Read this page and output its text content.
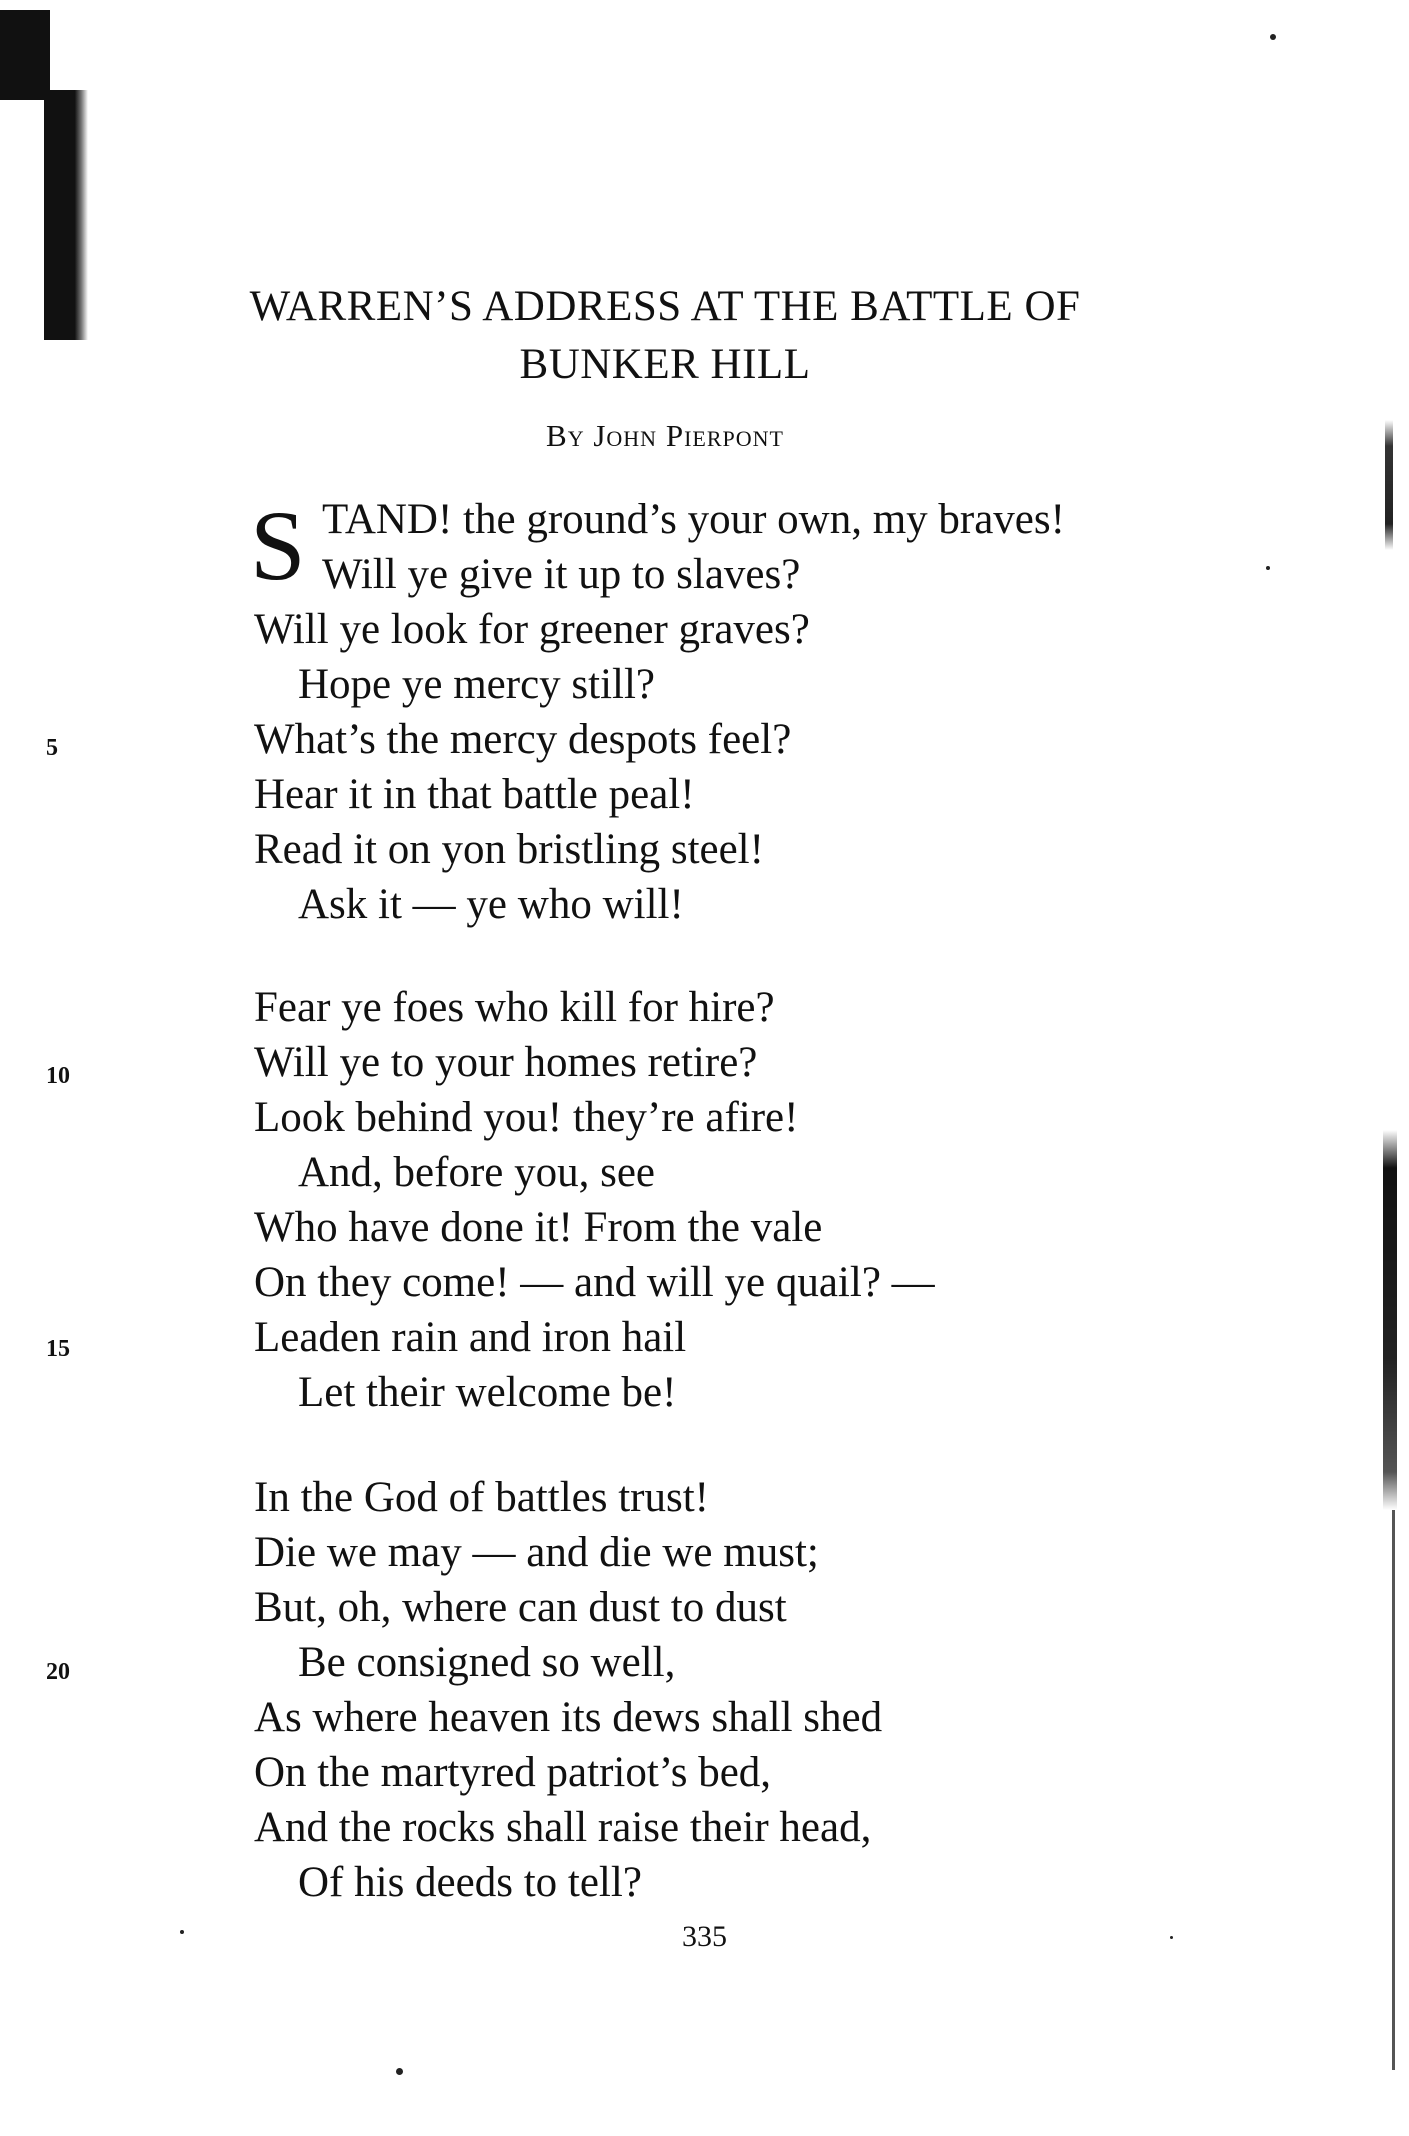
WARREN’S ADDRESS AT THE BATTLE OF
BUNKER HILL
By John Pierpont
S TAND! the ground’s your own, my braves!
Will ye give it up to slaves?
Will ye look for greener graves?
Hope ye mercy still?
What’s the mercy despots feel?
Hear it in that battle peal!
Read it on yon bristling steel!
Ask it — ye who will!
Fear ye foes who kill for hire?
Will ye to your homes retire?
Look behind you! they’re afire!
And, before you, see
Who have done it! From the vale
On they come! — and will ye quail? —
Leaden rain and iron hail
Let their welcome be!
In the God of battles trust!
Die we may — and die we must;
But, oh, where can dust to dust
Be consigned so well,
As where heaven its dews shall shed
On the martyred patriot’s bed,
And the rocks shall raise their head,
Of his deeds to tell?
5
10
15
20
335
